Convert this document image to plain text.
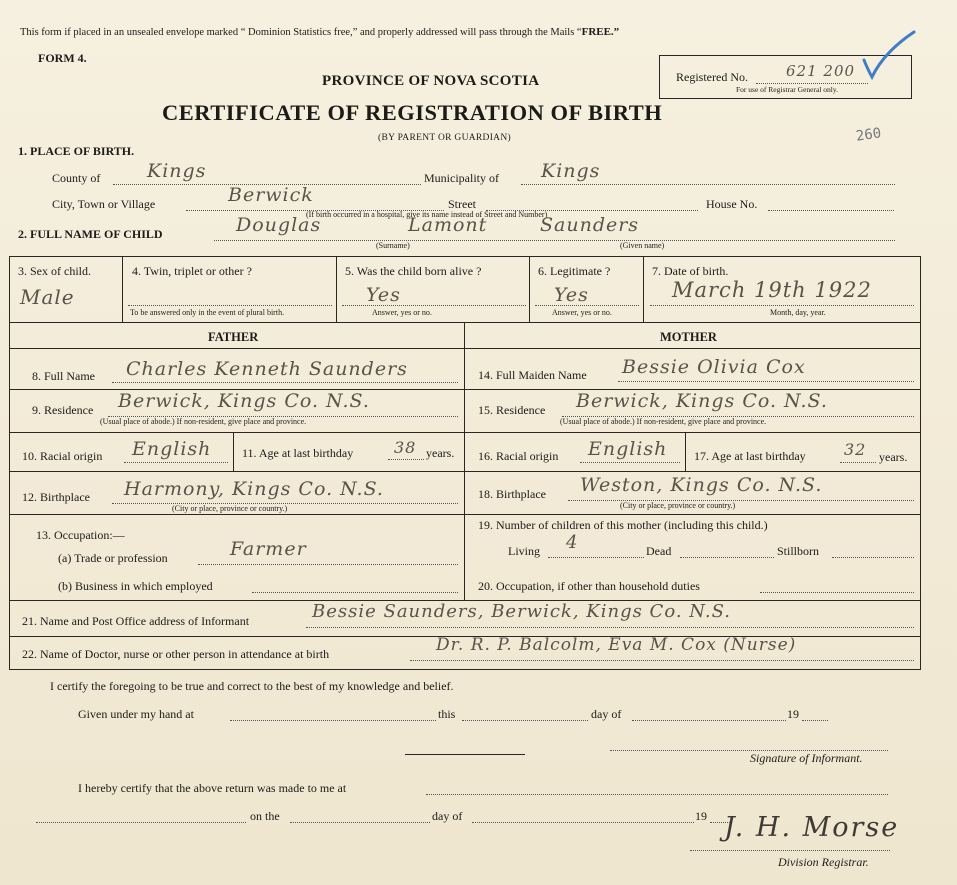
This form if placed in an unsealed envelope marked “ Dominion Statistics free,” and properly addressed will pass through the Mails “FREE.”
FORM 4.
PROVINCE OF NOVA SCOTIA
CERTIFICATE OF REGISTRATION OF BIRTH
(BY PARENT OR GUARDIAN)
Registered No.	621 200
For use of Registrar General only.
260
1. PLACE OF BIRTH.
County of Kings	Municipality of Kings
City, Town or Village	Berwick	Street	House No.
(If birth occurred in a hospital, give its name instead of Street and Number)
2. FULL NAME OF CHILD	Douglas	Lamont	Saunders
(Surname)	(Given name)
3. Sex of child.
Male
4. Twin, triplet or other ?
To be answered only in the event of plural birth.
5. Was the child born alive ?
Yes
Answer, yes or no.
6. Legitimate ?
Yes
Answer, yes or no.
7. Date of birth.
March 19th 1922
Month, day, year.
FATHER	MOTHER
8. Full Name Charles Kenneth Saunders
9. Residence Berwick, Kings Co. N.S.
(Usual place of abode.) If non-resident, give place and province.
10. Racial origin English	11. Age at last birthday	38 years.
12. Birthplace Harmony, Kings Co. N.S.
(City or place, province or country.)
13. Occupation:—
(a) Trade or profession	Farmer
(b) Business in which employed
14. Full Maiden Name Bessie Olivia Cox
15. Residence Berwick, Kings Co. N.S.
(Usual place of abode.) If non-resident, give place and province.
16. Racial origin English 17. Age at last birthday 32 years.
18. Birthplace Weston, Kings Co. N.S.
(City or place, province or country.)
19. Number of children of this mother (including this child.)
Living 4	Dead	Stillborn
20. Occupation, if other than household duties
21. Name and Post Office address of Informant	Bessie Saunders, Berwick, Kings Co. N.S.
22. Name of Doctor, nurse or other person in attendance at birth	Dr. R. P. Balcolm, Eva M. Cox (Nurse)
I certify the foregoing to be true and correct to the best of my knowledge and belief.
Given under my hand at	this	day of	19
Signature of Informant.
I hereby certify that the above return was made to me at
on the	day of	19 J. H. Morse
Division Registrar.
